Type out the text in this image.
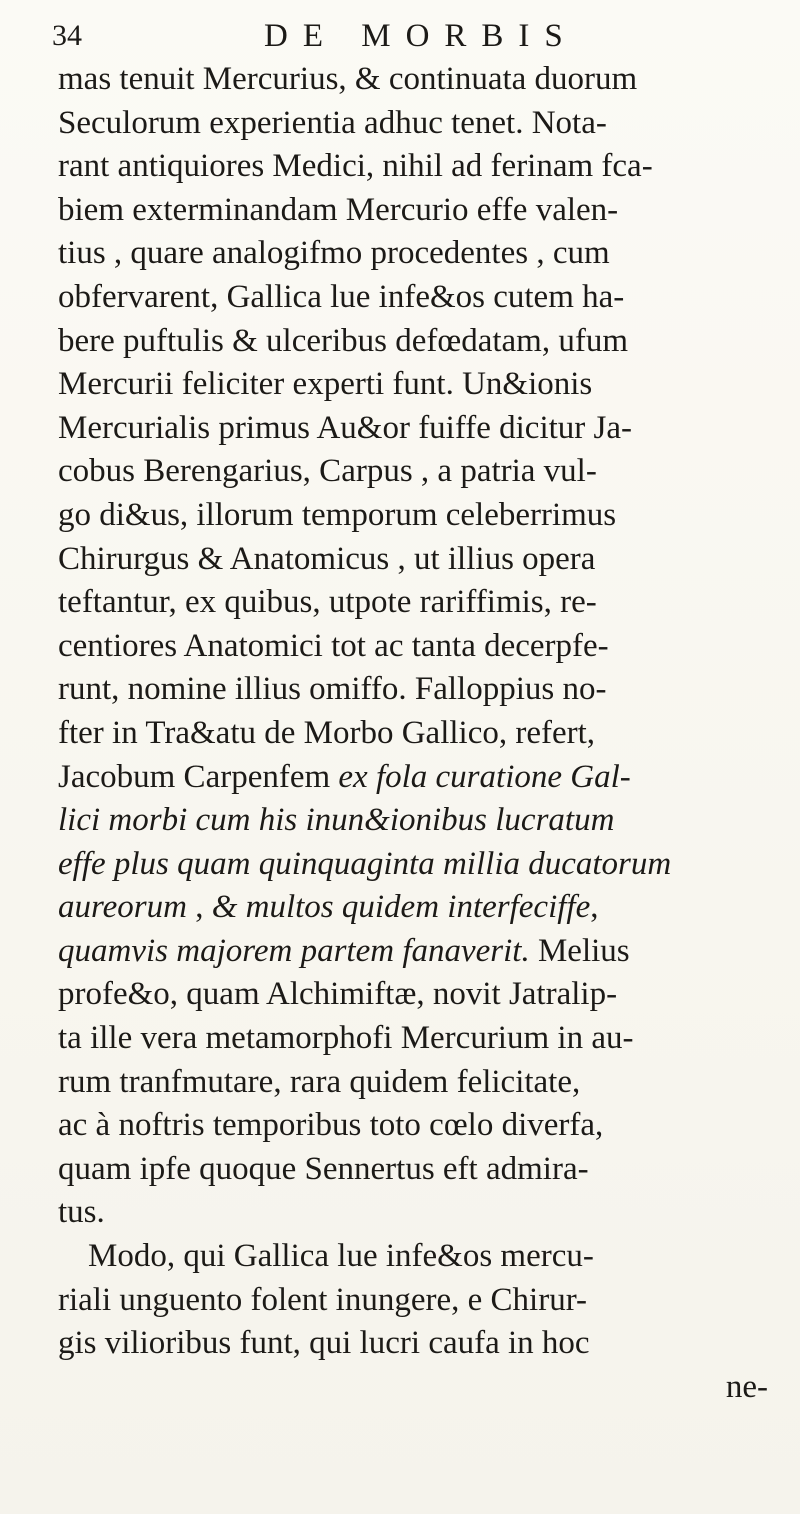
34	DE MORBIS
mas tenuit Mercurius, & continuata duorum
Seculorum experientia adhuc tenet. Nota-
rant antiquiores Medici, nihil ad ferinam fca-
biem exterminandam Mercurio effe valen-
tius , quare analogifmo procedentes , cum
obfervarent, Gallica lue infe&os cutem ha-
bere puftulis & ulceribus defœdatam, ufum
Mercurii feliciter experti funt. Un&ionis
Mercurialis primus Au&or fuiffe dicitur Ja-
cobus Berengarius, Carpus , a patria vul-
go di&us, illorum temporum celeberrimus
Chirurgus & Anatomicus , ut illius opera
teftantur, ex quibus, utpote rariffimis, re-
centiores Anatomici tot ac tanta decerpfe-
runt, nomine illius omiffo. Falloppius no-
fter in Tra&atu de Morbo Gallico, refert,
Jacobum Carpenfem ex fola curatione Gal-
lici morbi cum his inun&ionibus lucratum
effe plus quam quinquaginta millia ducatorum
aureorum , & multos quidem interfeciffe,
quamvis majorem partem fanaverit. Melius
profe&o, quam Alchimiftæ, novit Jatralip-
ta ille vera metamorphofi Mercurium in au-
rum tranfmutare, rara quidem felicitate,
ac à noftris temporibus toto cœlo diverfa,
quam ipfe quoque Sennertus eft admira-
tus.
Modo, qui Gallica lue infe&os mercu-
riali unguento folent inungere, e Chirur-
gis vilioribus funt, qui lucri caufa in hoc
ne-
